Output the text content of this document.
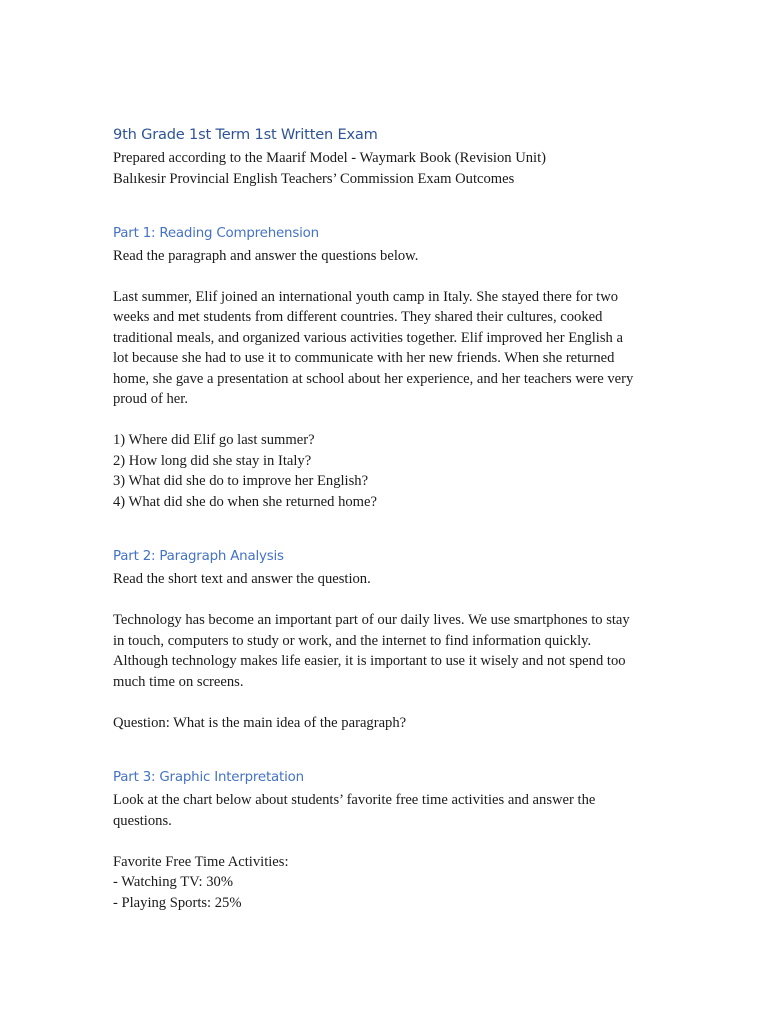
9th Grade 1st Term 1st Written Exam
Prepared according to the Maarif Model - Waymark Book (Revision Unit)
Balıkesir Provincial English Teachers’ Commission Exam Outcomes
Part 1: Reading Comprehension
Read the paragraph and answer the questions below.
Last summer, Elif joined an international youth camp in Italy. She stayed there for two
weeks and met students from different countries. They shared their cultures, cooked
traditional meals, and organized various activities together. Elif improved her English a
lot because she had to use it to communicate with her new friends. When she returned
home, she gave a presentation at school about her experience, and her teachers were very
proud of her.
1) Where did Elif go last summer?
2) How long did she stay in Italy?
3) What did she do to improve her English?
4) What did she do when she returned home?
Part 2: Paragraph Analysis
Read the short text and answer the question.
Technology has become an important part of our daily lives. We use smartphones to stay
in touch, computers to study or work, and the internet to find information quickly.
Although technology makes life easier, it is important to use it wisely and not spend too
much time on screens.
Question: What is the main idea of the paragraph?
Part 3: Graphic Interpretation
Look at the chart below about students’ favorite free time activities and answer the
questions.
Favorite Free Time Activities:
- Watching TV: 30%
- Playing Sports: 25%
